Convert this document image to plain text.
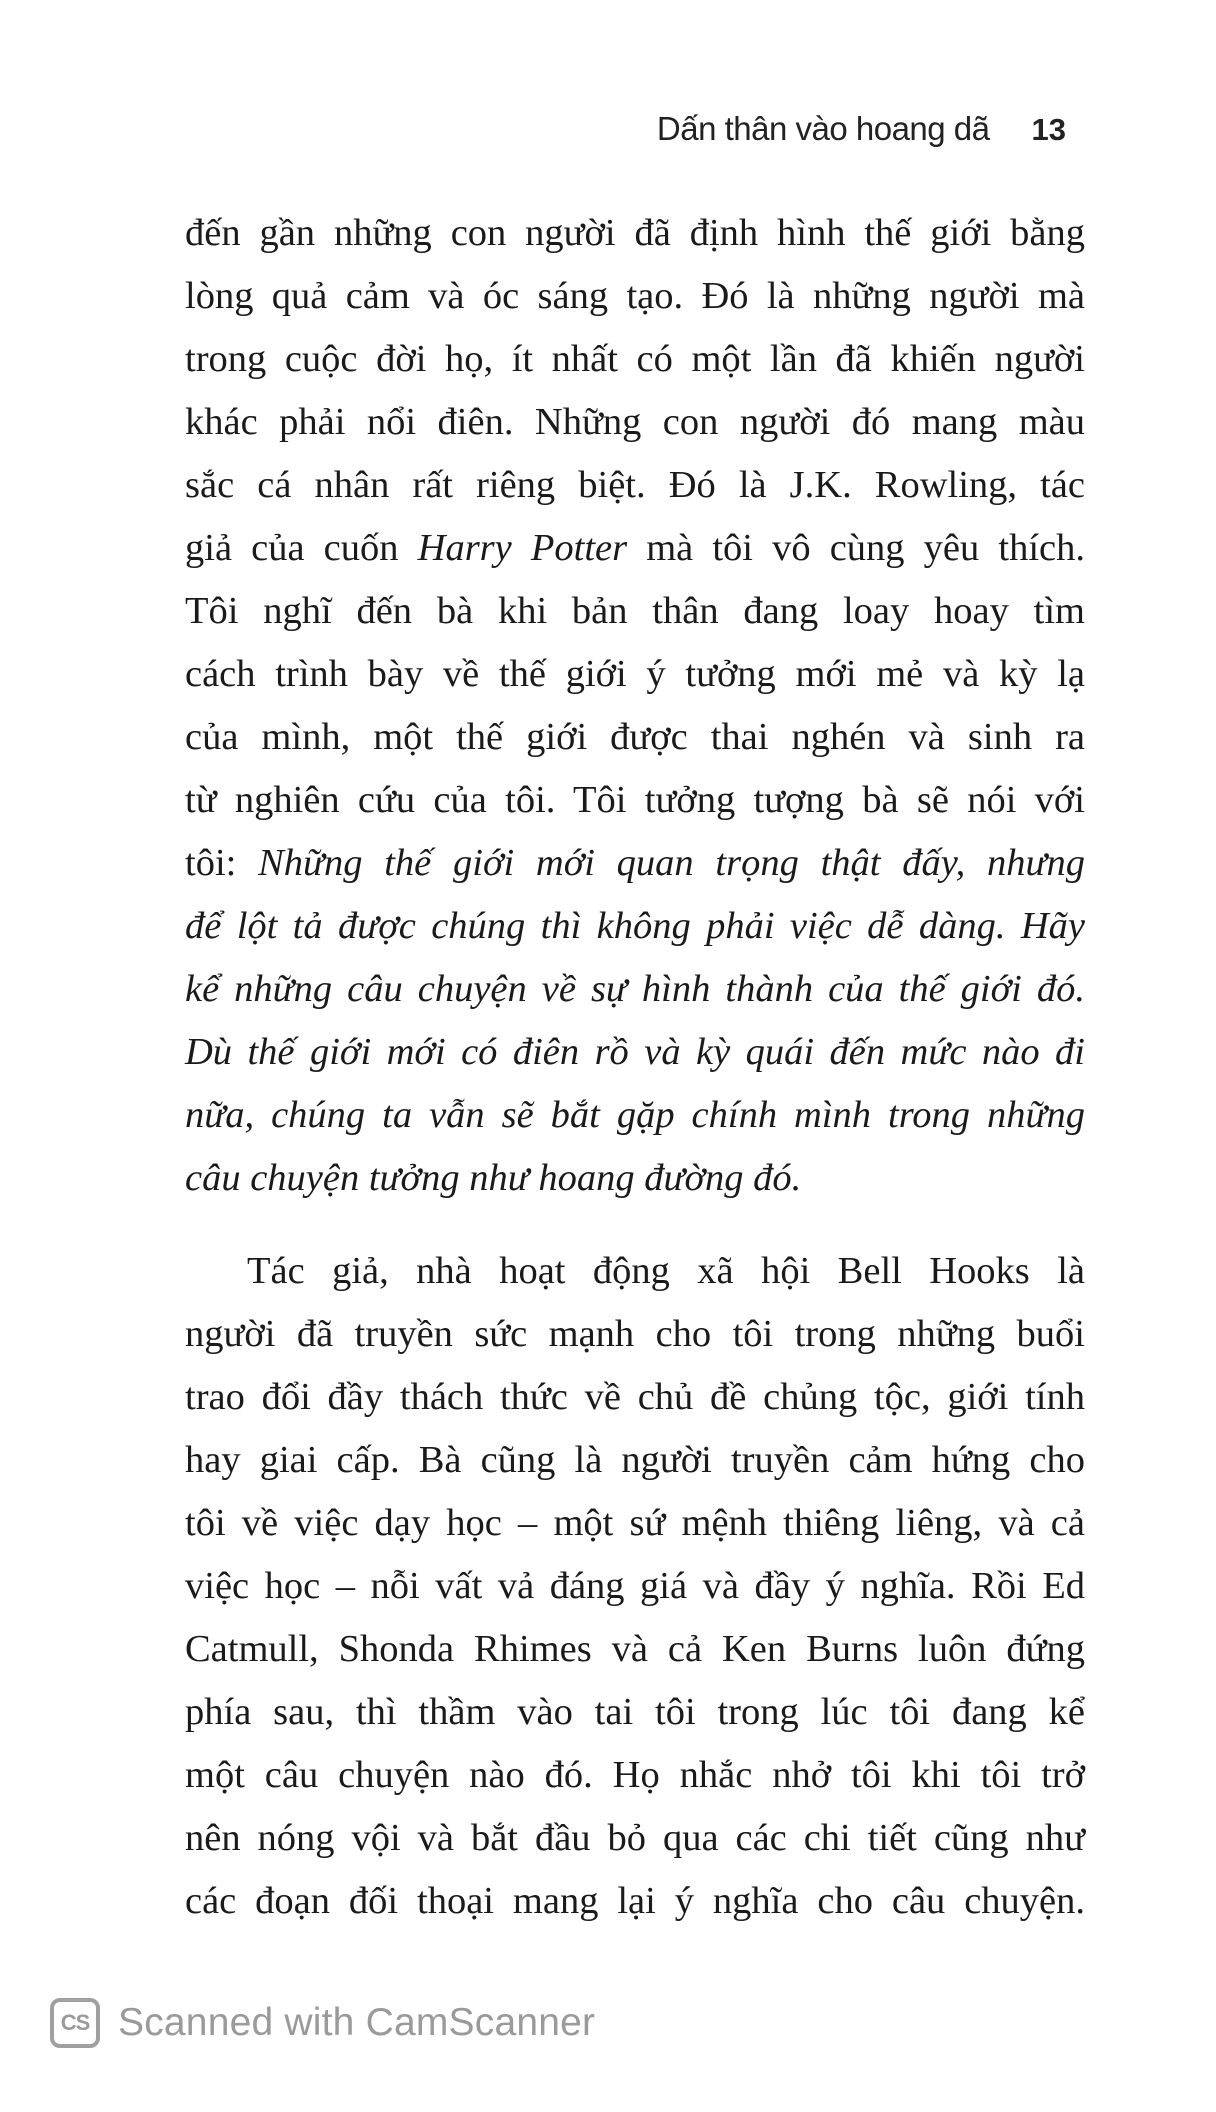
Dấn thân vào hoang dã 13
đến gần những con người đã định hình thế giới bằng
lòng quả cảm và óc sáng tạo. Đó là những người mà
trong cuộc đời họ, ít nhất có một lần đã khiến người
khác phải nổi điên. Những con người đó mang màu
sắc cá nhân rất riêng biệt. Đó là J.K. Rowling, tác
giả của cuốn Harry Potter mà tôi vô cùng yêu thích.
Tôi nghĩ đến bà khi bản thân đang loay hoay tìm
cách trình bày về thế giới ý tưởng mới mẻ và kỳ lạ
của mình, một thế giới được thai nghén và sinh ra
từ nghiên cứu của tôi. Tôi tưởng tượng bà sẽ nói với
tôi: Những thế giới mới quan trọng thật đấy, nhưng
để lột tả được chúng thì không phải việc dễ dàng. Hãy
kể những câu chuyện về sự hình thành của thế giới đó.
Dù thế giới mới có điên rồ và kỳ quái đến mức nào đi
nữa, chúng ta vẫn sẽ bắt gặp chính mình trong những
câu chuyện tưởng như hoang đường đó.
Tác giả, nhà hoạt động xã hội Bell Hooks là
người đã truyền sức mạnh cho tôi trong những buổi
trao đổi đầy thách thức về chủ đề chủng tộc, giới tính
hay giai cấp. Bà cũng là người truyền cảm hứng cho
tôi về việc dạy học – một sứ mệnh thiêng liêng, và cả
việc học – nỗi vất vả đáng giá và đầy ý nghĩa. Rồi Ed
Catmull, Shonda Rhimes và cả Ken Burns luôn đứng
phía sau, thì thầm vào tai tôi trong lúc tôi đang kể
một câu chuyện nào đó. Họ nhắc nhở tôi khi tôi trở
nên nóng vội và bắt đầu bỏ qua các chi tiết cũng như
các đoạn đối thoại mang lại ý nghĩa cho câu chuyện.
CS Scanned with CamScanner
